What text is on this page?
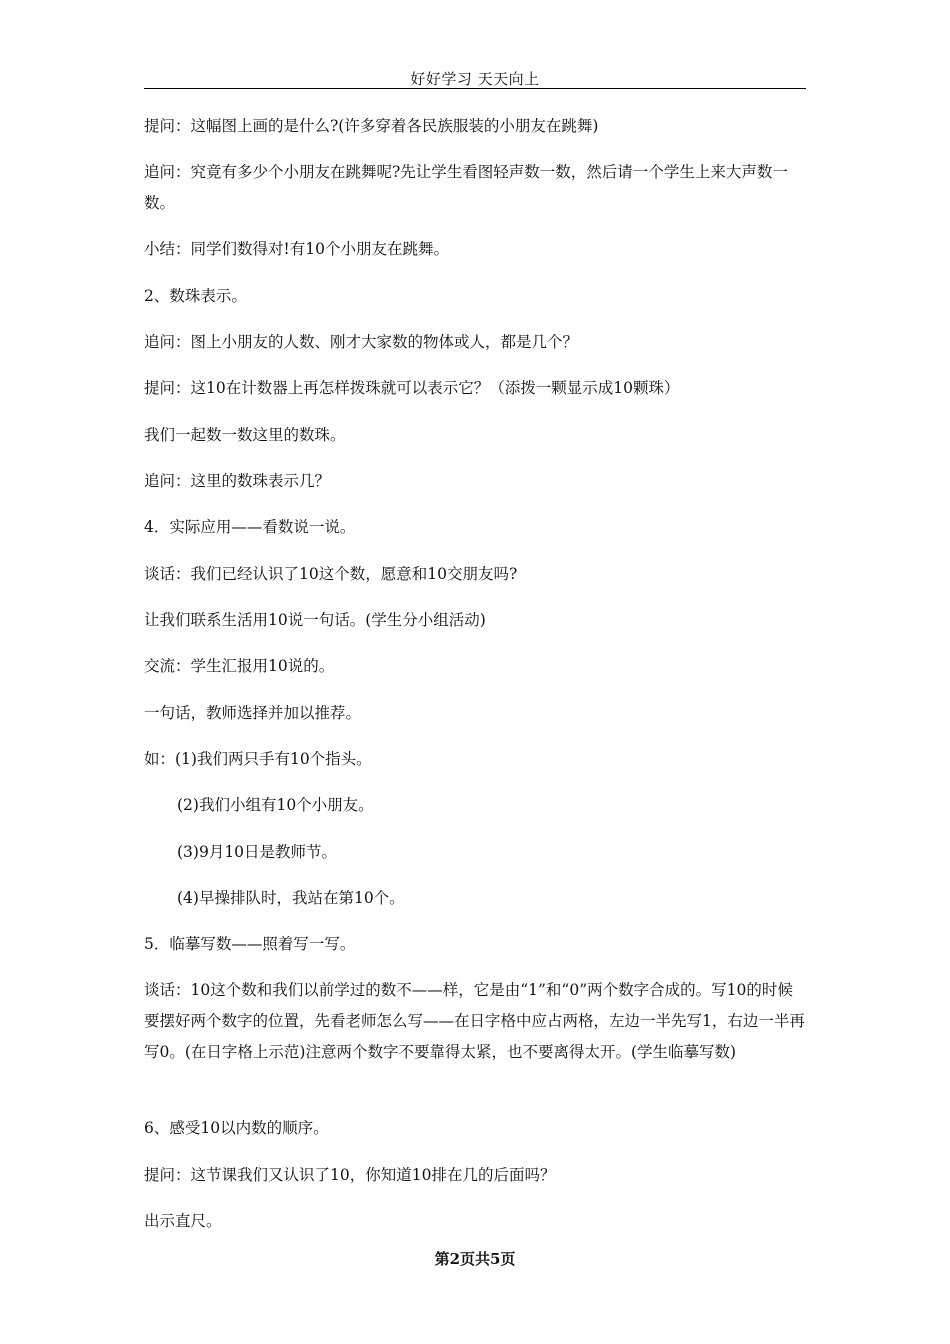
好好学习 天天向上
提问：这幅图上画的是什么?(许多穿着各民族服装的小朋友在跳舞)
追问：究竟有多少个小朋友在跳舞呢?先让学生看图轻声数一数，然后请一个学生上来大声数一数。
小结：同学们数得对!有10个小朋友在跳舞。
2、数珠表示。
追问：图上小朋友的人数、刚才大家数的物体或人，都是几个？
提问：这10在计数器上再怎样拨珠就可以表示它？（添拨一颗显示成10颗珠）
我们一起数一数这里的数珠。
追问：这里的数珠表示几？
4．实际应用——看数说一说。
谈话：我们已经认识了10这个数，愿意和10交朋友吗?
让我们联系生活用10说一句话。(学生分小组活动)
交流：学生汇报用10说的。
一句话，教师选择并加以推荐。
如：(1)我们两只手有10个指头。
(2)我们小组有10个小朋友。
(3)9月10日是教师节。
(4)早操排队时，我站在第10个。
5．临摹写数——照着写一写。
谈话：10这个数和我们以前学过的数不——样，它是由“1”和“0”两个数字合成的。写10的时候要摆好两个数字的位置，先看老师怎么写——在日字格中应占两格，左边一半先写1，右边一半再写0。(在日字格上示范)注意两个数字不要靠得太紧，也不要离得太开。(学生临摹写数)
6、感受10以内数的顺序。
提问：这节课我们又认识了10，你知道10排在几的后面吗？
出示直尺。
第2页共5页
